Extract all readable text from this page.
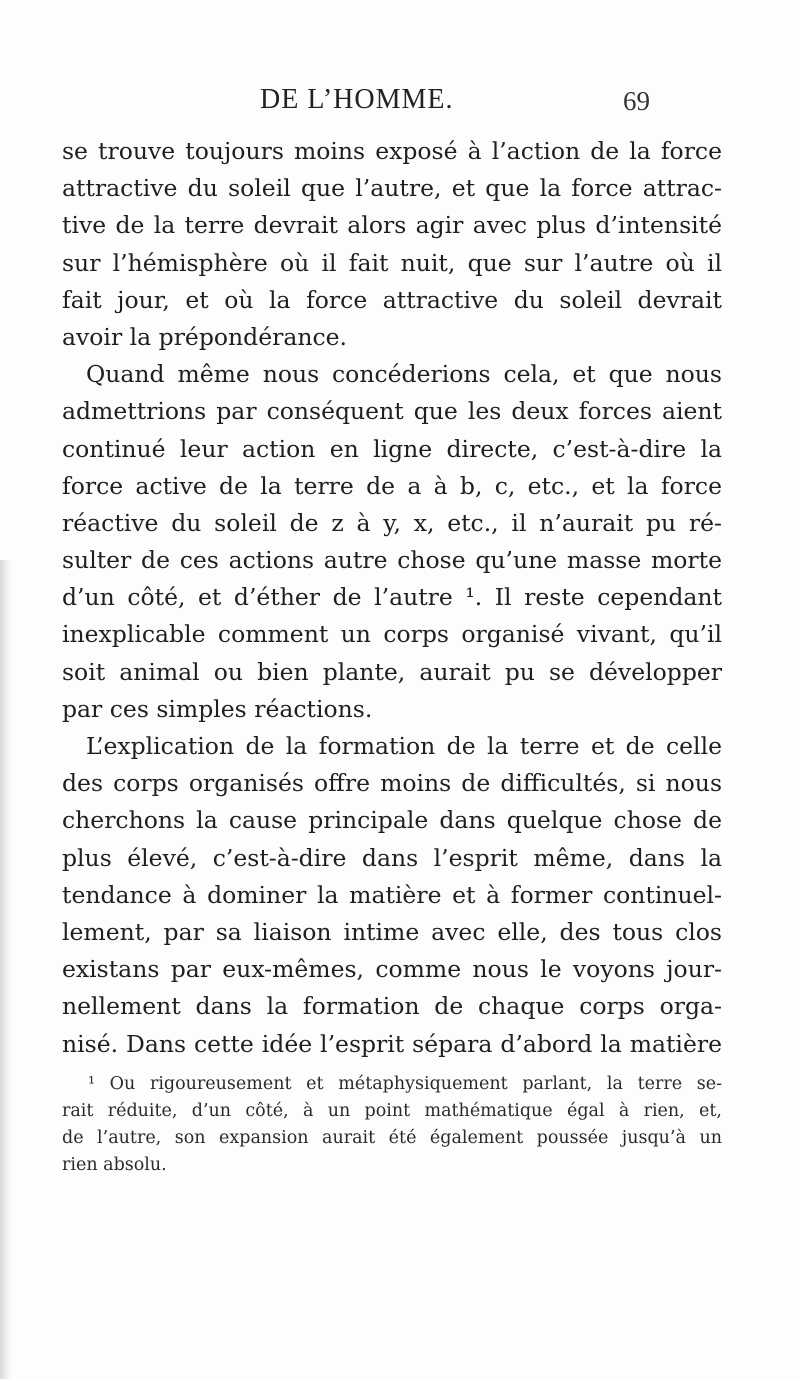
DE L’HOMME.	69
se trouve toujours moins exposé à l’action de la force
attractive du soleil que l’autre, et que la force attrac-
tive de la terre devrait alors agir avec plus d’intensité
sur l’hémisphère où il fait nuit, que sur l’autre où il
fait jour, et où la force attractive du soleil devrait
avoir la prépondérance.
Quand même nous concéderions cela, et que nous
admettrions par conséquent que les deux forces aient
continué leur action en ligne directe, c’est-à-dire la
force active de la terre de a à b, c, etc., et la force
réactive du soleil de z à y, x, etc., il n’aurait pu ré-
sulter de ces actions autre chose qu’une masse morte
d’un côté, et d’éther de l’autre ¹. Il reste cependant
inexplicable comment un corps organisé vivant, qu’il
soit animal ou bien plante, aurait pu se développer
par ces simples réactions.
L’explication de la formation de la terre et de celle
des corps organisés offre moins de difficultés, si nous
cherchons la cause principale dans quelque chose de
plus élevé, c’est-à-dire dans l’esprit même, dans la
tendance à dominer la matière et à former continuel-
lement, par sa liaison intime avec elle, des tous clos
existans par eux-mêmes, comme nous le voyons jour-
nellement dans la formation de chaque corps orga-
nisé. Dans cette idée l’esprit sépara d’abord la matière
¹ Ou rigoureusement et métaphysiquement parlant, la terre se-
rait réduite, d’un côté, à un point mathématique égal à rien, et,
de l’autre, son expansion aurait été également poussée jusqu’à un
rien absolu.
